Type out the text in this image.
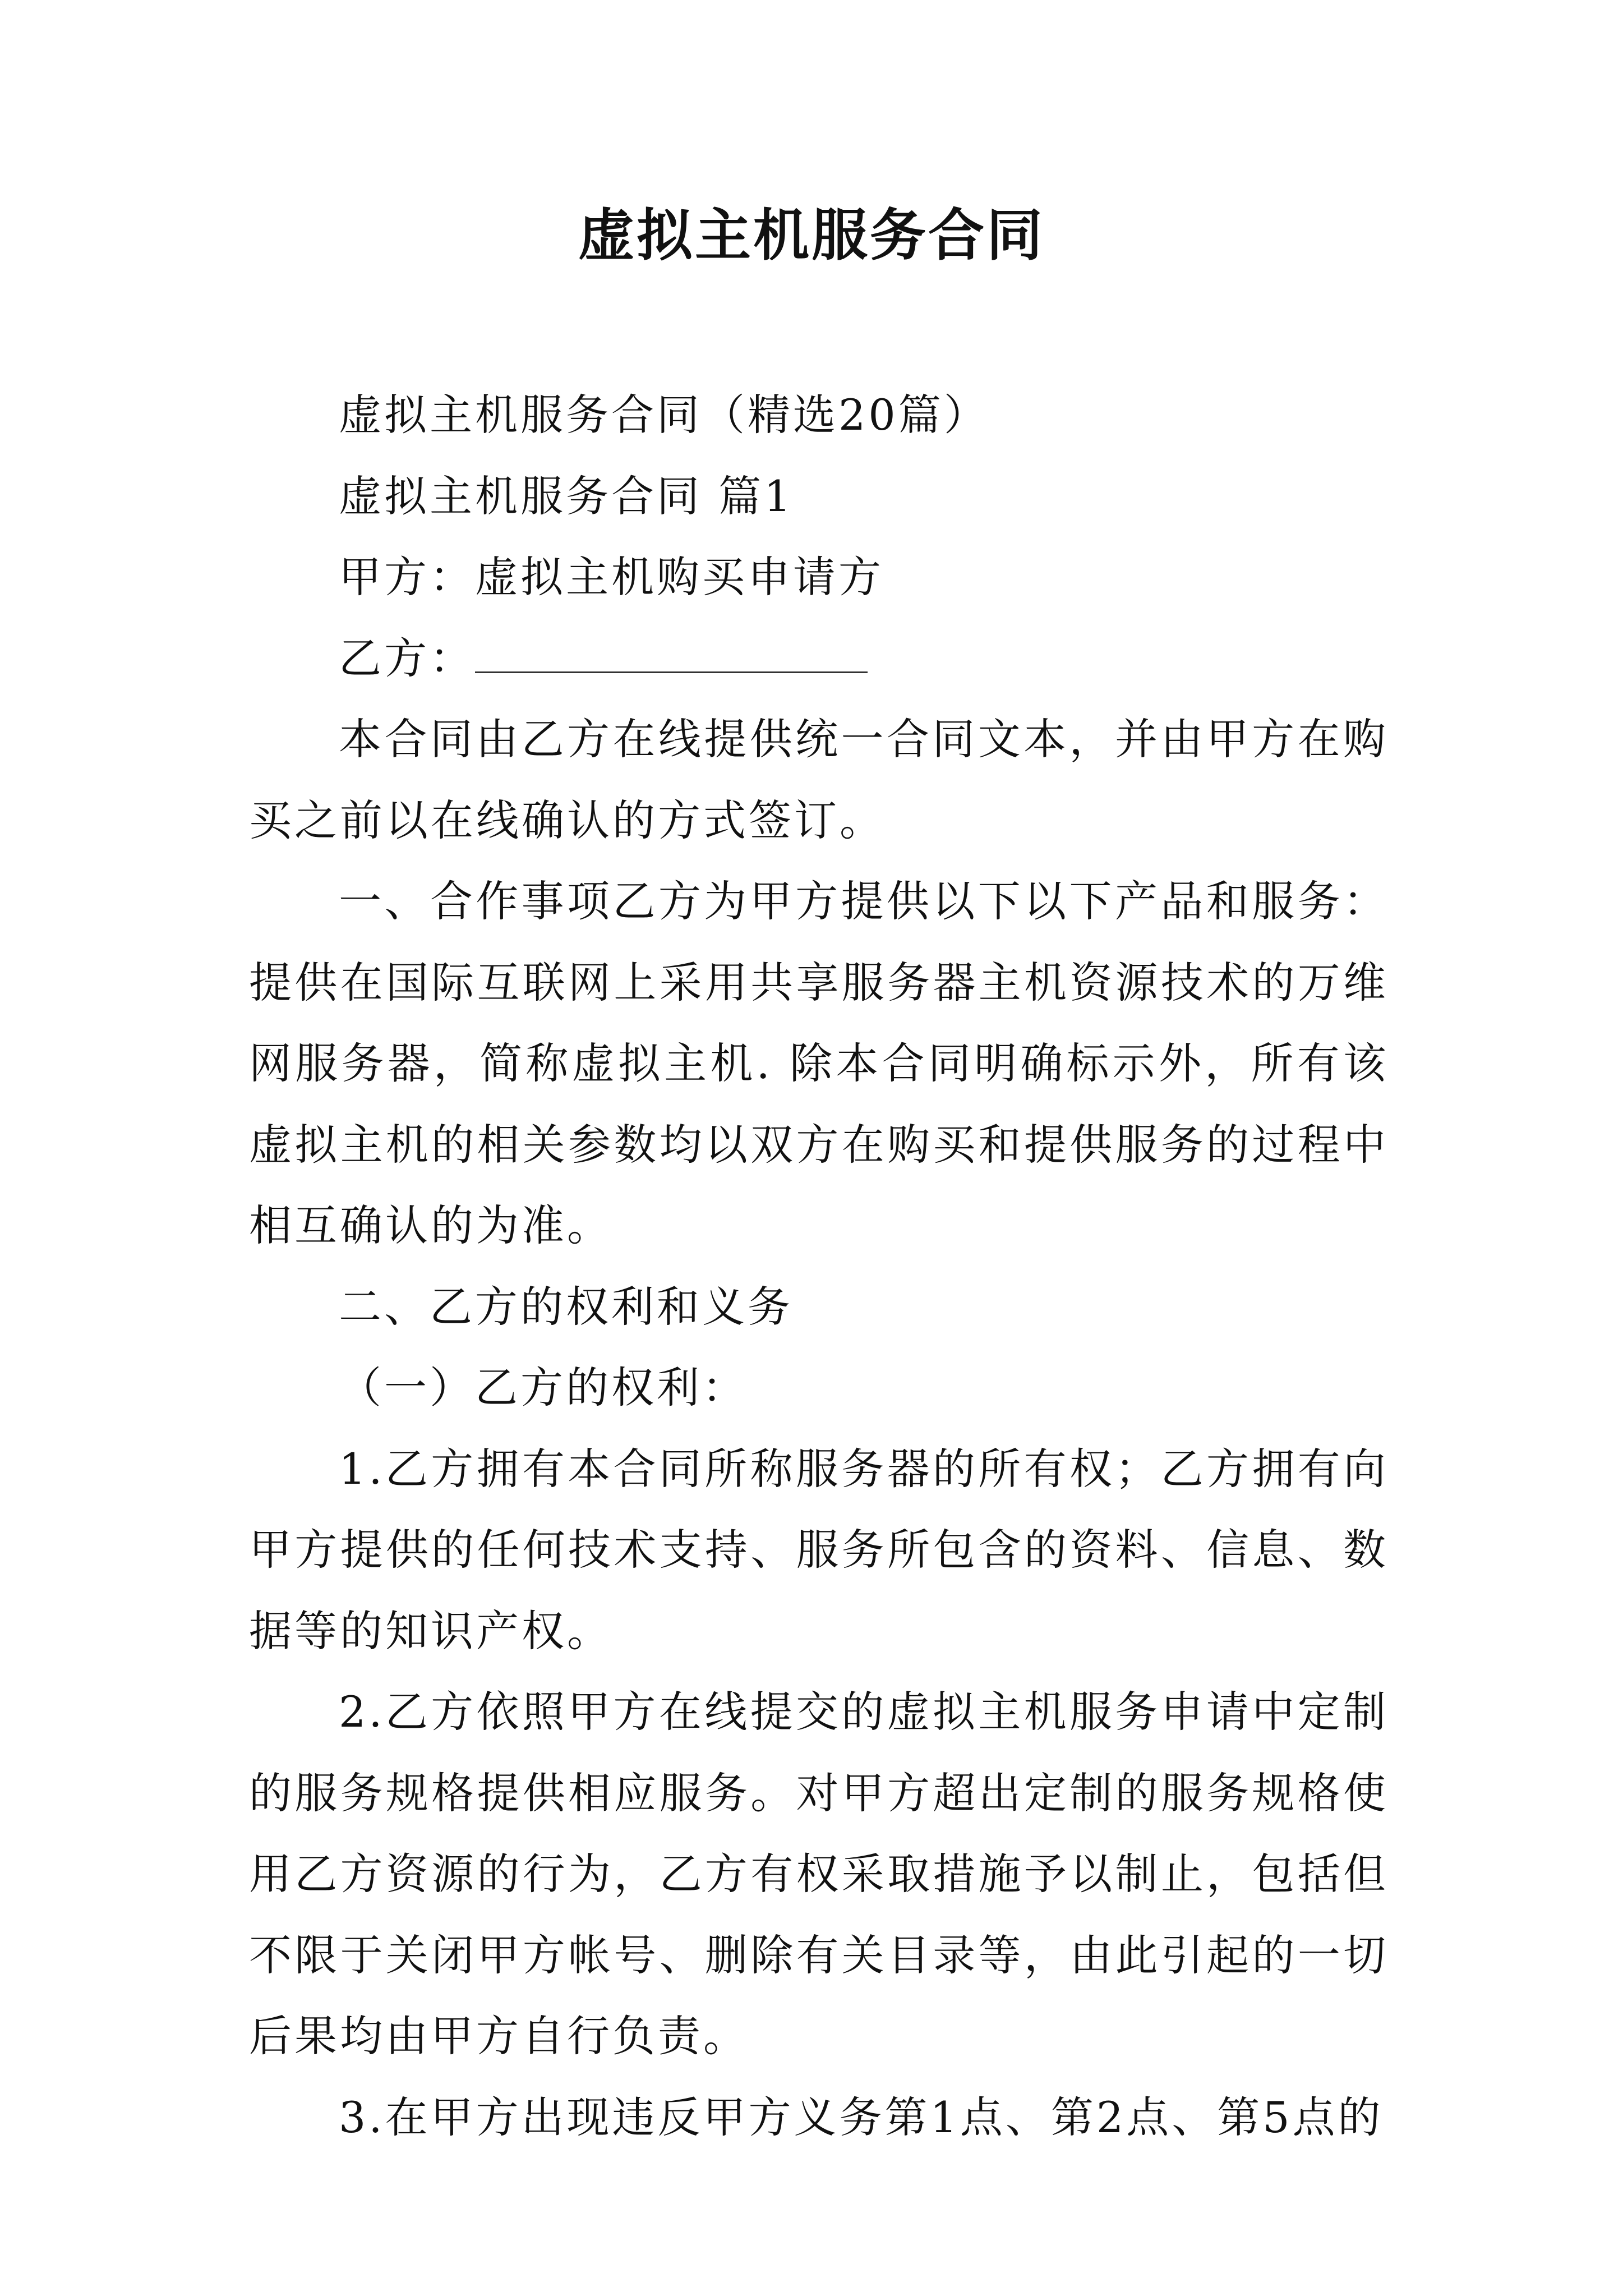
虚拟主机服务合同

虚拟主机服务合同（精选20篇）

虚拟主机服务合同 篇1

甲方：虚拟主机购买申请方

乙方：

本合同由乙方在线提供统一合同文本，并由甲方在购买之前以在线确认的方式签订。

一、合作事项乙方为甲方提供以下以下产品和服务：提供在国际互联网上采用共享服务器主机资源技术的万维网服务器，简称虚拟主机. 除本合同明确标示外，所有该虚拟主机的相关参数均以双方在购买和提供服务的过程中相互确认的为准。

二、乙方的权利和义务

（一）乙方的权利：

1.乙方拥有本合同所称服务器的所有权；乙方拥有向甲方提供的任何技术支持、服务所包含的资料、信息、数据等的知识产权。

2.乙方依照甲方在线提交的虚拟主机服务申请中定制的服务规格提供相应服务。对甲方超出定制的服务规格使用乙方资源的行为，乙方有权采取措施予以制止，包括但不限于关闭甲方帐号、删除有关目录等，由此引起的一切后果均由甲方自行负责。

3.在甲方出现违反甲方义务第1点、第2点、第5点的
